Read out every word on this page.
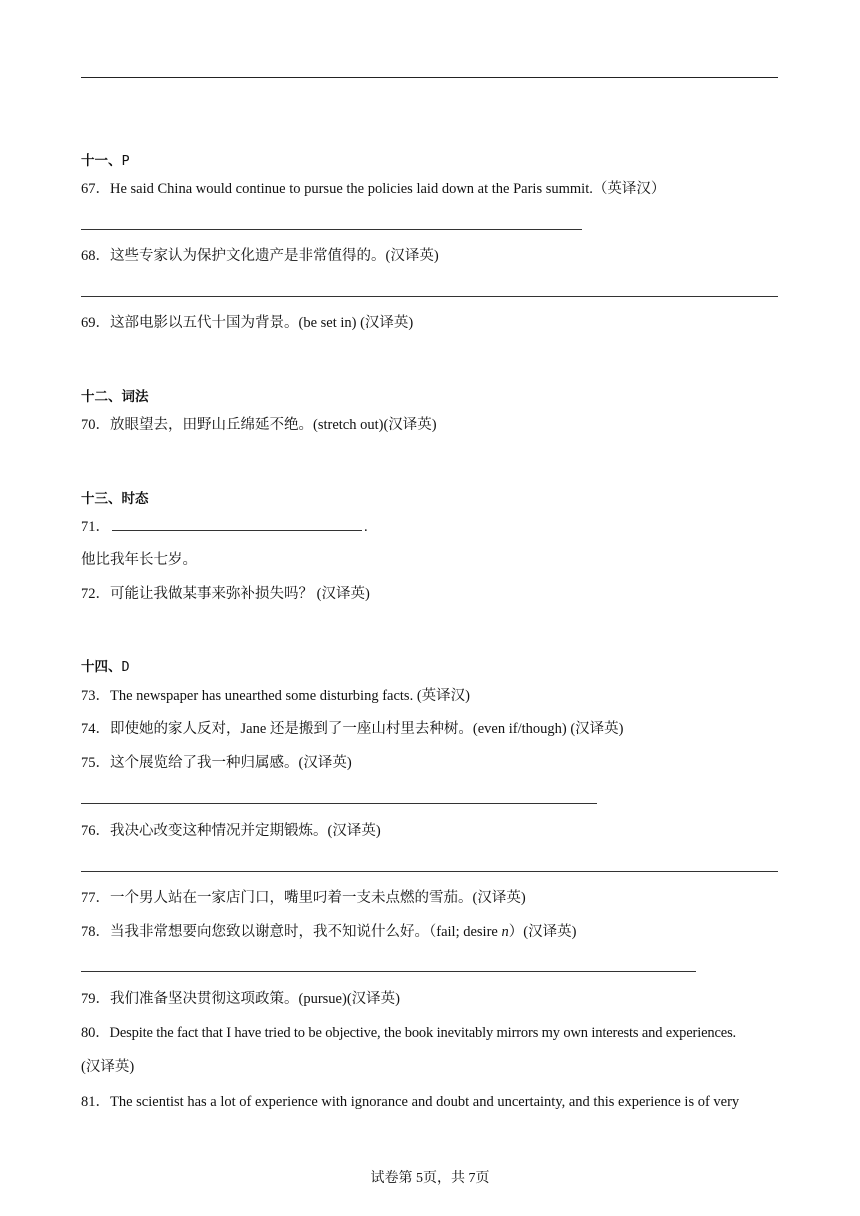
十一、P
67．He said China would continue to pursue the policies laid down at the Paris summit.（英译汉）
68．这些专家认为保护文化遗产是非常值得的。(汉译英)
69．这部电影以五代十国为背景。(be set in) (汉译英)
十二、词法
70．放眼望去，田野山丘绵延不绝。(stretch out)(汉译英)
十三、时态
71．	.
他比我年长七岁。
72．可能让我做某事来弥补损失吗？ (汉译英)
十四、D
73．The newspaper has unearthed some disturbing facts. (英译汉)
74．即使她的家人反对，Jane 还是搬到了一座山村里去种树。(even if/though) (汉译英)
75．这个展览给了我一种归属感。(汉译英)
76．我决心改变这种情况并定期锻炼。(汉译英)
77．一个男人站在一家店门口，嘴里叼着一支未点燃的雪茄。(汉译英)
78．当我非常想要向您致以谢意时，我不知说什么好。（fail; desire n）(汉译英)
79．我们准备坚决贯彻这项政策。(pursue)(汉译英)
80．Despite the fact that I have tried to be objective, the book inevitably mirrors my own interests and experiences.
(汉译英)
81．The scientist has a lot of experience with ignorance and doubt and uncertainty, and this experience is of very
试卷第 5页，共 7页
